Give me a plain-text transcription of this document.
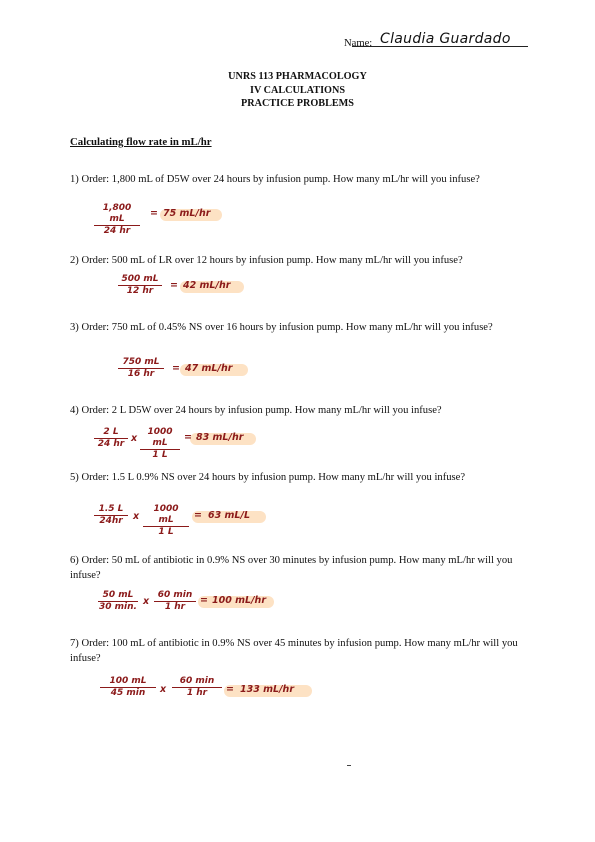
Name: Claudia Guardado
UNRS 113 PHARMACOLOGY
IV CALCULATIONS
PRACTICE PROBLEMS
Calculating flow rate in mL/hr
1) Order: 1,800 mL of D5W over 24 hours by infusion pump. How many mL/hr will you infuse?
$\frac{1,800 mL}{24 hr} = 75$ mL/hr
2) Order: 500 mL of LR over 12 hours by infusion pump. How many mL/hr will you infuse?
$\frac{500 mL}{12 hr} = 42$ mL/hr
3) Order: 750 mL of 0.45% NS over 16 hours by infusion pump. How many mL/hr will you infuse?
$\frac{750 mL}{16 hr} = 47$ mL/hr
4) Order: 2 L D5W over 24 hours by infusion pump. How many mL/hr will you infuse?
$\frac{2 L}{24 hr}$ x $\frac{1000 mL}{1 L} = 83$ mL/hr
5) Order: 1.5 L 0.9% NS over 24 hours by infusion pump. How many mL/hr will you infuse?
$\frac{1.5 L}{24hr}$ x $\frac{1000 mL}{1 L} = 63$ mL/L
6) Order: 50 mL of antibiotic in 0.9% NS over 30 minutes by infusion pump. How many mL/hr will you infuse?
50 mL
30 min. x
60 min
1 hr
= 100 mL/hr
7) Order: 100 mL of antibiotic in 0.9% NS over 45 minutes by infusion pump. How many mL/hr will you infuse?
100 mL
45 min	x
60 min
1 hr	= 133 mL/hr
